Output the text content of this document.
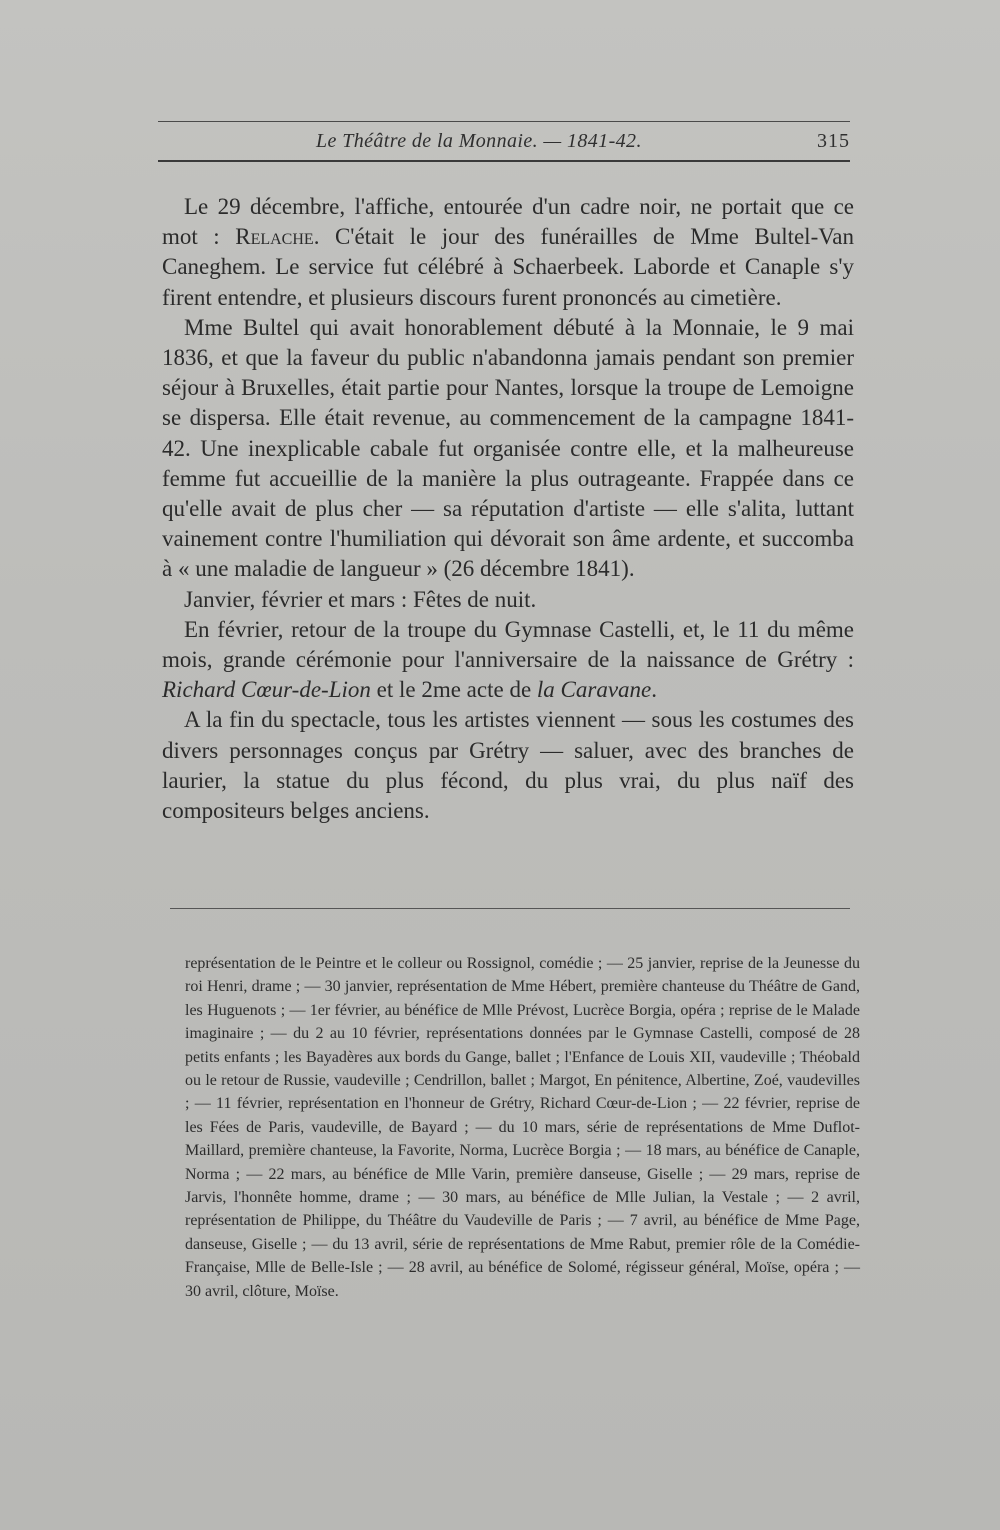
Le Théâtre de la Monnaie. — 1841-42.	315

Le 29 décembre, l'affiche, entourée d'un cadre noir, ne portait que ce mot : Relache. C'était le jour des funérailles de Mme Bultel-Van Caneghem. Le service fut célébré à Schaerbeek. Laborde et Canaple s'y firent entendre, et plusieurs discours furent prononcés au cimetière.

Mme Bultel qui avait honorablement débuté à la Monnaie, le 9 mai 1836, et que la faveur du public n'abandonna jamais pendant son premier séjour à Bruxelles, était partie pour Nantes, lorsque la troupe de Lemoigne se dispersa. Elle était revenue, au commencement de la campagne 1841-42. Une inexplicable cabale fut organisée contre elle, et la malheureuse femme fut accueillie de la manière la plus outrageante. Frappée dans ce qu'elle avait de plus cher — sa réputation d'artiste — elle s'alita, luttant vainement contre l'humiliation qui dévorait son âme ardente, et succomba à « une maladie de langueur » (26 décembre 1841).

Janvier, février et mars : Fêtes de nuit.

En février, retour de la troupe du Gymnase Castelli, et, le 11 du même mois, grande cérémonie pour l'anniversaire de la naissance de Grétry : Richard Cœur-de-Lion et le 2me acte de la Caravane.

A la fin du spectacle, tous les artistes viennent — sous les costumes des divers personnages conçus par Grétry — saluer, avec des branches de laurier, la statue du plus fécond, du plus vrai, du plus naïf des compositeurs belges anciens.

représentation de le Peintre et le colleur ou Rossignol, comédie ; — 25 janvier, reprise de la Jeunesse du roi Henri, drame ; — 30 janvier, représentation de Mme Hébert, première chanteuse du Théâtre de Gand, les Huguenots ; — 1er février, au bénéfice de Mlle Prévost, Lucrèce Borgia, opéra ; reprise de le Malade imaginaire ; — du 2 au 10 février, représentations données par le Gymnase Castelli, composé de 28 petits enfants ; les Bayadères aux bords du Gange, ballet ; l'Enfance de Louis XII, vaudeville ; Théobald ou le retour de Russie, vaudeville ; Cendrillon, ballet ; Margot, En pénitence, Albertine, Zoé, vaudevilles ; — 11 février, représentation en l'honneur de Grétry, Richard Cœur-de-Lion ; — 22 février, reprise de les Fées de Paris, vaudeville, de Bayard ; — du 10 mars, série de représentations de Mme Duflot-Maillard, première chanteuse, la Favorite, Norma, Lucrèce Borgia ; — 18 mars, au bénéfice de Canaple, Norma ; — 22 mars, au bénéfice de Mlle Varin, première danseuse, Giselle ; — 29 mars, reprise de Jarvis, l'honnête homme, drame ; — 30 mars, au bénéfice de Mlle Julian, la Vestale ; — 2 avril, représentation de Philippe, du Théâtre du Vaudeville de Paris ; — 7 avril, au bénéfice de Mme Page, danseuse, Giselle ; — du 13 avril, série de représentations de Mme Rabut, premier rôle de la Comédie-Française, Mlle de Belle-Isle ; — 28 avril, au bénéfice de Solomé, régisseur général, Moïse, opéra ; — 30 avril, clôture, Moïse.
